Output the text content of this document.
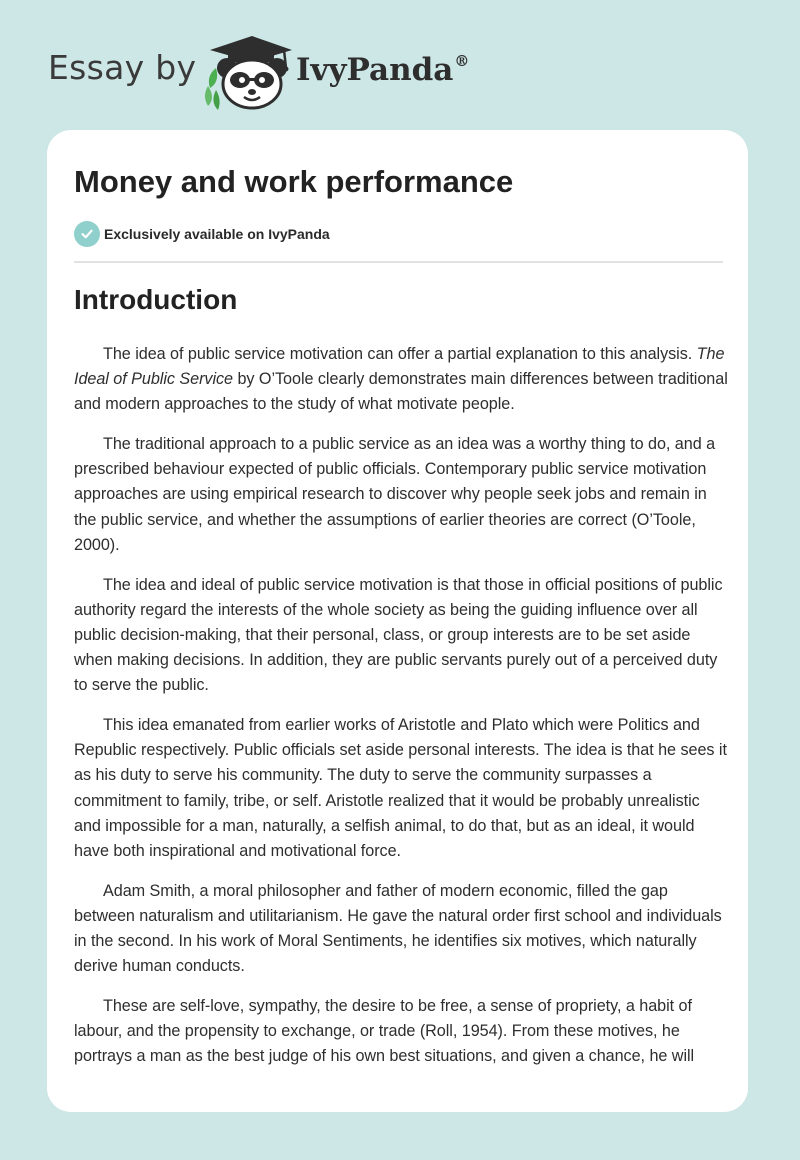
Essay by	IvyPanda®
Money and work performance
Exclusively available on IvyPanda
Introduction

The idea of public service motivation can offer a partial explanation to this analysis. The Ideal of Public Service by O’Toole clearly demonstrates main differences between traditional and modern approaches to the study of what motivate people.

The traditional approach to a public service as an idea was a worthy thing to do, and a prescribed behaviour expected of public officials. Contemporary public service motivation approaches are using empirical research to discover why people seek jobs and remain in the public service, and whether the assumptions of earlier theories are correct (O’Toole, 2000).

The idea and ideal of public service motivation is that those in official positions of public authority regard the interests of the whole society as being the guiding influence over all public decision-making, that their personal, class, or group interests are to be set aside when making decisions. In addition, they are public servants purely out of a perceived duty to serve the public.

This idea emanated from earlier works of Aristotle and Plato which were Politics and Republic respectively. Public officials set aside personal interests. The idea is that he sees it as his duty to serve his community. The duty to serve the community surpasses a commitment to family, tribe, or self. Aristotle realized that it would be probably unrealistic and impossible for a man, naturally, a selfish animal, to do that, but as an ideal, it would have both inspirational and motivational force.

Adam Smith, a moral philosopher and father of modern economic, filled the gap between naturalism and utilitarianism. He gave the natural order first school and individuals in the second. In his work of Moral Sentiments, he identifies six motives, which naturally derive human conducts.

These are self-love, sympathy, the desire to be free, a sense of propriety, a habit of labour, and the propensity to exchange, or trade (Roll, 1954). From these motives, he portrays a man as the best judge of his own best situations, and given a chance, he will
